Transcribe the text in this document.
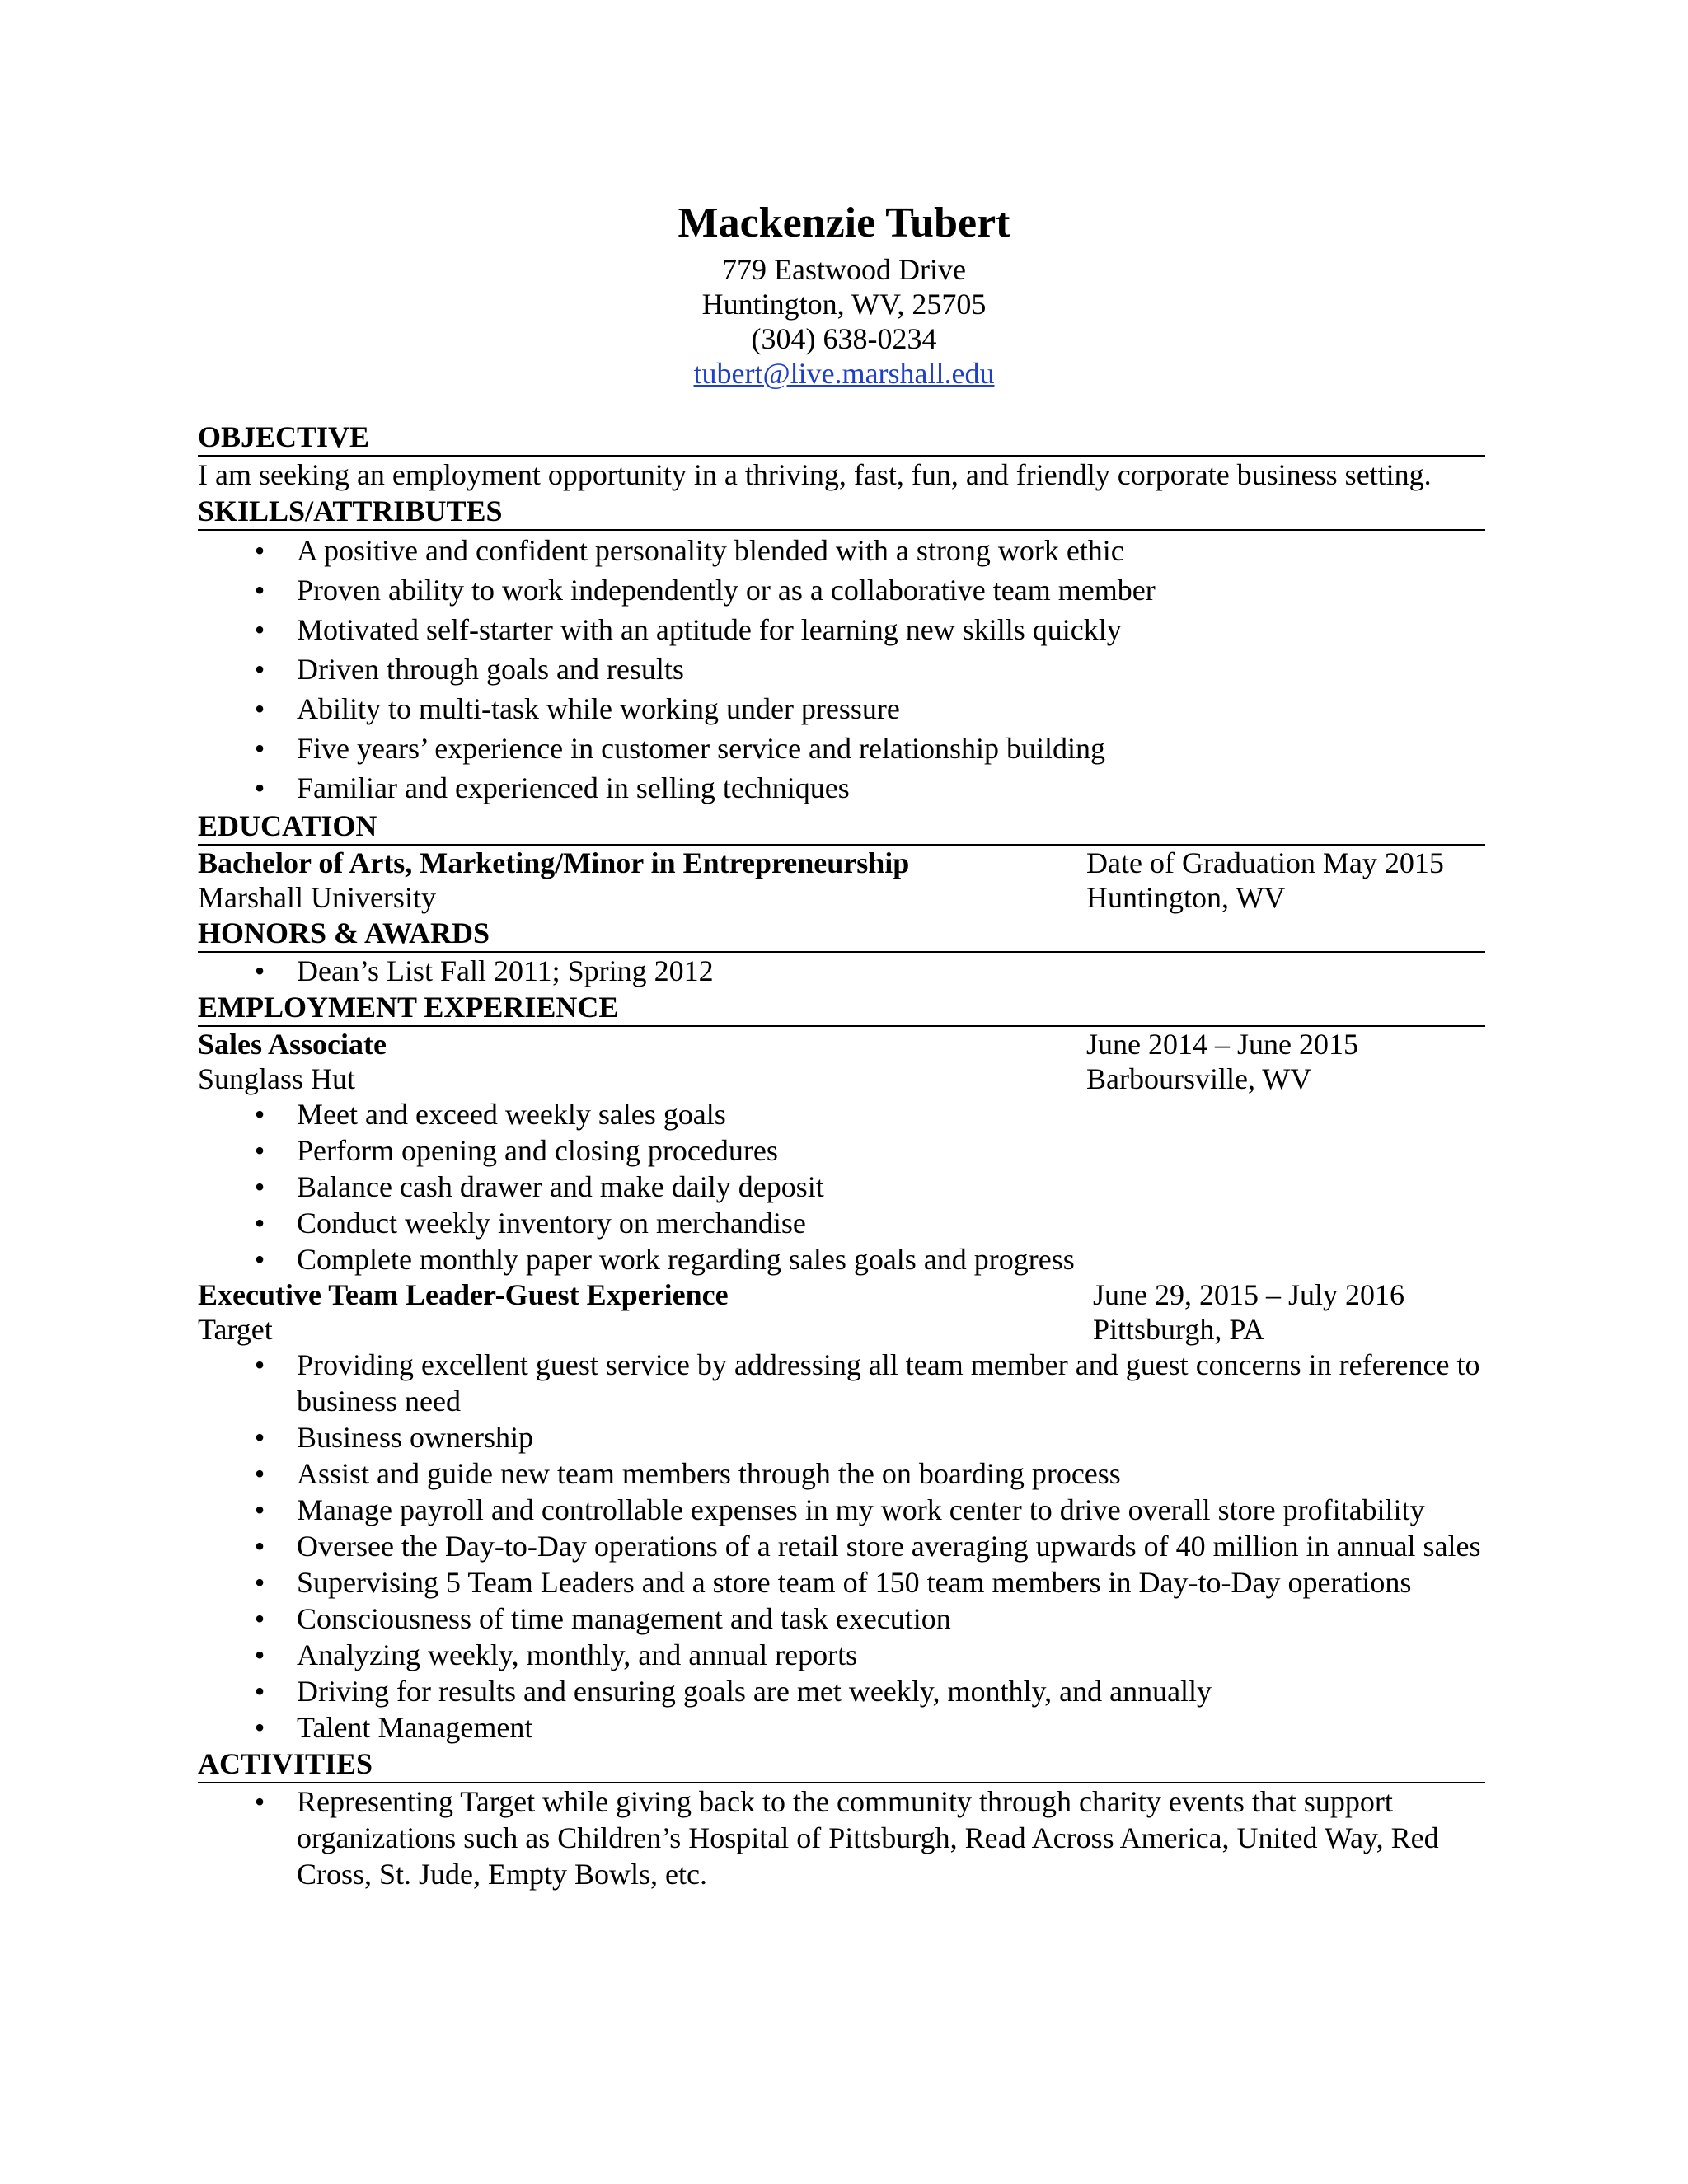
Mackenzie Tubert

779 Eastwood Drive

Huntington, WV, 25705

(304) 638-0234

tubert@live.marshall.edu

OBJECTIVE

I am seeking an employment opportunity in a thriving, fast, fun, and friendly corporate business setting.

SKILLS/ATTRIBUTES

• A positive and confident personality blended with a strong work ethic
• Proven ability to work independently or as a collaborative team member
• Motivated self-starter with an aptitude for learning new skills quickly
• Driven through goals and results
• Ability to multi-task while working under pressure
• Five years’ experience in customer service and relationship building
• Familiar and experienced in selling techniques

EDUCATION

Bachelor of Arts, Marketing/Minor in Entrepreneurship	Date of Graduation May 2015
Marshall University	Huntington, WV

HONORS & AWARDS

• Dean’s List Fall 2011; Spring 2012

EMPLOYMENT EXPERIENCE

Sales Associate	June 2014 – June 2015
Sunglass Hut	Barboursville, WV
• Meet and exceed weekly sales goals
• Perform opening and closing procedures
• Balance cash drawer and make daily deposit
• Conduct weekly inventory on merchandise
• Complete monthly paper work regarding sales goals and progress
Executive Team Leader-Guest Experience	June 29, 2015 – July 2016
Target	Pittsburgh, PA
• Providing excellent guest service by addressing all team member and guest concerns in reference to business need
• Business ownership
• Assist and guide new team members through the on boarding process
• Manage payroll and controllable expenses in my work center to drive overall store profitability
• Oversee the Day-to-Day operations of a retail store averaging upwards of 40 million in annual sales
• Supervising 5 Team Leaders and a store team of 150 team members in Day-to-Day operations
• Consciousness of time management and task execution
• Analyzing weekly, monthly, and annual reports
• Driving for results and ensuring goals are met weekly, monthly, and annually
• Talent Management

ACTIVITIES

• Representing Target while giving back to the community through charity events that support organizations such as Children’s Hospital of Pittsburgh, Read Across America, United Way, Red Cross, St. Jude, Empty Bowls, etc.
